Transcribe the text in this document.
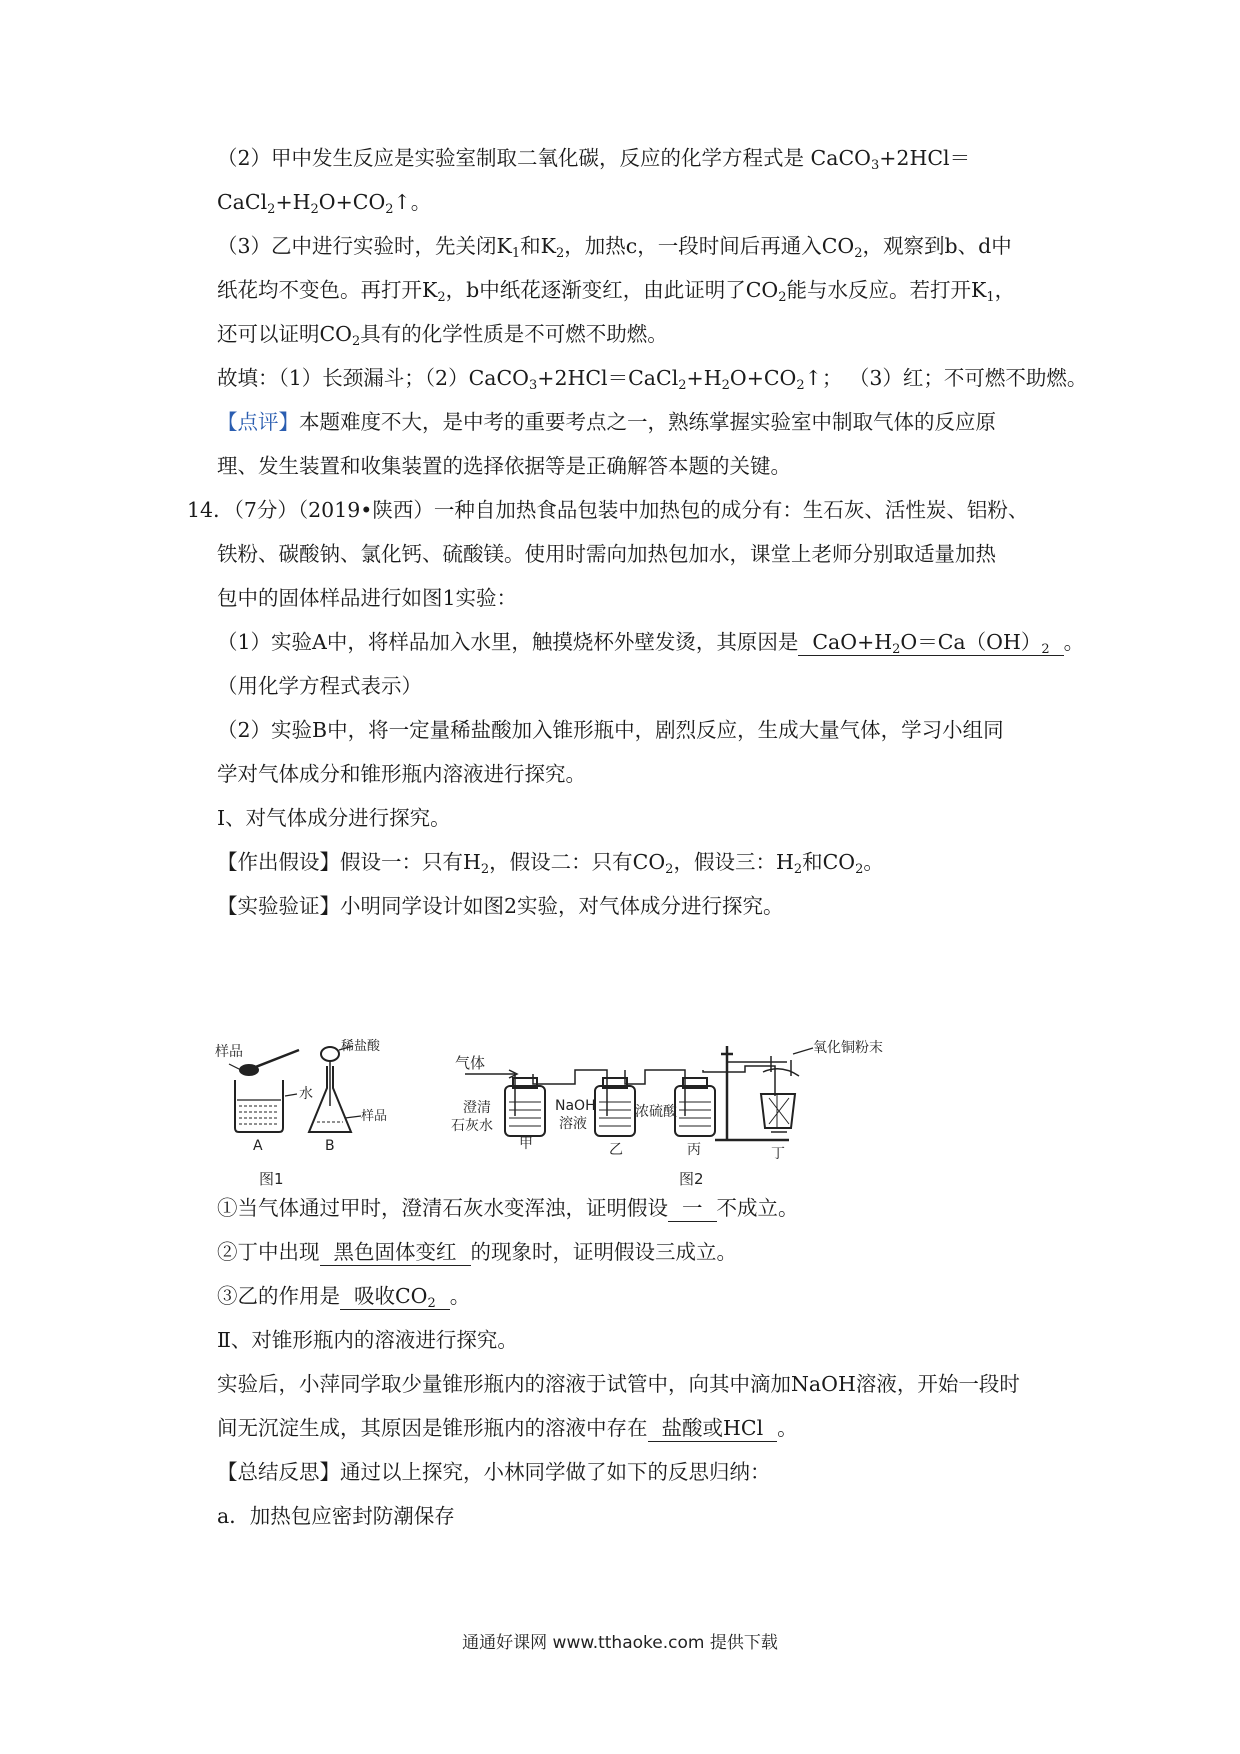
（2）甲中发生反应是实验室制取二氧化碳，反应的化学方程式是 CaCO$_3$+2HCl＝
$CaCl_2+H_2O+CO_2↑$。
（3）乙中进行实验时，先关闭$K_1$和$K_2$，加热c，一段时间后再通入$CO_2$，观察到b、d中
纸花均不变色。再打开$K_2$，b中纸花逐渐变红，由此证明了$CO_2$能与水反应。若打开$K_1$，
还可以证明$CO_2$具有的化学性质是不可燃不助燃。
故填：（1）长颈漏斗；$(2)CaCO_3+2HCl=CaCl_2+H_2O+CO_2↑$； （3）红；不可燃不助燃。
【点评】本题难度不大，是中考的重要考点之一，熟练掌握实验室中制取气体的反应原
理、发生装置和收集装置的选择依据等是正确解答本题的关键。
14．（7分）（2019•陕西）一种自加热食品包装中加热包的成分有：生石灰、活性炭、铝粉、
铁粉、碳酸钠、氯化钙、硫酸镁。使用时需向加热包加水，课堂上老师分别取适量加热
包中的固体样品进行如图1实验：
（1）实验A中，将样品加入水里，触摸烧杯外壁发烫，其原因是 $CaO+H_2O=Ca(OH)_2$ 。
（用化学方程式表示）
（2）实验B中，将一定量稀盐酸加入锥形瓶中，剧烈反应，生成大量气体，学习小组同
学对气体成分和锥形瓶内溶液进行探究。
Ⅰ、对气体成分进行探究。
【作出假设】假设一：只有$H_2$，假设二：只有$CO_2$，假设三：$H_2$和$CO_2$。
【实验验证】小明同学设计如图2实验，对气体成分进行探究。
样品
水
稀盐酸
样品
A	B
图1
气体
澄清
石灰水
NaOH
溶液
浓硫酸
氧化铜粉末
甲	乙	丙	丁
图2
①当气体通过甲时，澄清石灰水变浑浊，证明假设 一 不成立。
②丁中出现 黑色固体变红 的现象时，证明假设三成立。
③乙的作用是 吸收$CO_2$ 。
Ⅱ、对锥形瓶内的溶液进行探究。
实验后，小萍同学取少量锥形瓶内的溶液于试管中，向其中滴加NaOH溶液，开始一段时
间无沉淀生成，其原因是锥形瓶内的溶液中存在 盐酸或HCl 。
【总结反思】通过以上探究，小林同学做了如下的反思归纳：
a．加热包应密封防潮保存
通通好课网 www.tthaoke.com 提供下载
